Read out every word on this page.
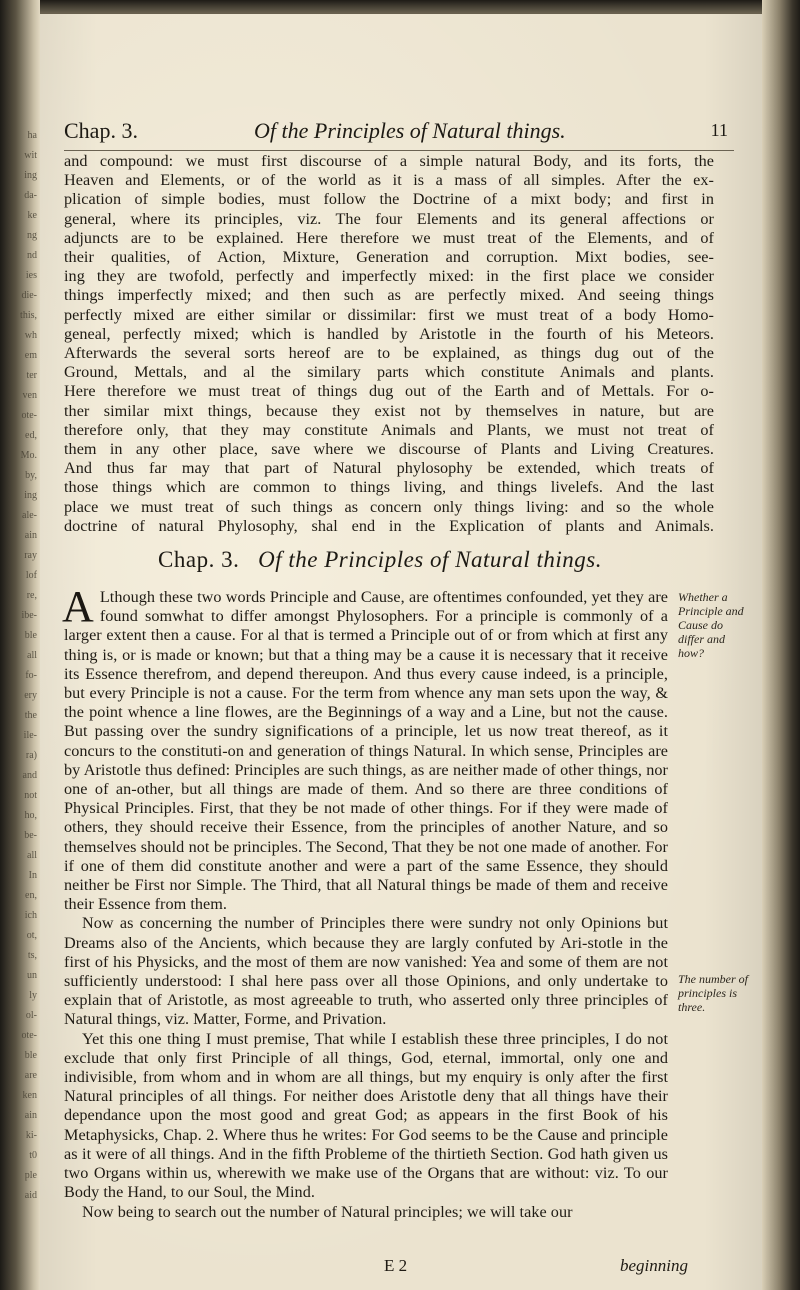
ha
wit
ing
da-
ke
ng
nd
ies
die-
this,
wh
em
ter
ven
ote-
ed,
Mo.
by,
ing
ale-
ain
ray
lof
re,
ibe-
ble
all
fo-
ery
the
ile-
ra)
and
not
ho,
be-
all
In
en,
ich
ot,
ts,
un
ly
ol-
ote-
ble
are
ken
ain
ki-
t0
ple
aid
Chap. 3.	Of the Principles of Natural things.	11

and compound: we must first discourse of a simple natural Body, and its forts, the

Heaven and Elements, or of the world as it is a mass of all simples. After the ex-

plication of simple bodies, must follow the Doctrine of a mixt body; and first in

general, where its principles, viz. The four Elements and its general affections or

adjuncts are to be explained. Here therefore we must treat of the Elements, and of

their qualities, of Action, Mixture, Generation and corruption. Mixt bodies, see-

ing they are twofold, perfectly and imperfectly mixed: in the first place we consider

things imperfectly mixed; and then such as are perfectly mixed. And seeing things

perfectly mixed are either similar or dissimilar: first we must treat of a body Homo-

geneal, perfectly mixed; which is handled by Aristotle in the fourth of his Meteors.

Afterwards the several sorts hereof are to be explained, as things dug out of the

Ground, Mettals, and al the similary parts which constitute Animals and plants.

Here therefore we must treat of things dug out of the Earth and of Mettals. For o-

ther similar mixt things, because they exist not by themselves in nature, but are

therefore only, that they may constitute Animals and Plants, we must not treat of

them in any other place, save where we discourse of Plants and Living Creatures.

And thus far may that part of Natural phylosophy be extended, which treats of

those things which are common to things living, and things livelefs. And the last

place we must treat of such things as concern only things living: and so the whole

doctrine of natural Phylosophy, shal end in the Explication of plants and Animals.

Chap. 3. Of the Principles of Natural things.

A Lthough these two words Principle and Cause, are oftentimes confounded, yet they are found somwhat to differ amongst Phylosophers. For a principle is commonly of a larger extent then a cause. For al that is termed a Principle out of or from which at first any thing is, or is made or known; but that a thing may be a cause it is necessary that it receive its Essence therefrom, and depend thereupon. And thus every cause indeed, is a principle, but every Principle is not a cause. For the term from whence any man sets upon the way, & the point whence a line flowes, are the Beginnings of a way and a Line, but not the cause. But passing over the sundry significations of a principle, let us now treat thereof, as it concurs to the constituti-on and generation of things Natural. In which sense, Principles are by Aristotle thus defined: Principles are such things, as are neither made of other things, nor one of an-other, but all things are made of them. And so there are three conditions of Physical Principles. First, that they be not made of other things. For if they were made of others, they should receive their Essence, from the principles of another Nature, and so themselves should not be principles. The Second, That they be not one made of another. For if one of them did constitute another and were a part of the same Essence, they should neither be First nor Simple. The Third, that all Natural things be made of them and receive their Essence from them.

Now as concerning the number of Principles there were sundry not only Opinions but Dreams also of the Ancients, which because they are largly confuted by Ari-stotle in the first of his Physicks, and the most of them are now vanished: Yea and some of them are not sufficiently understood: I shal here pass over all those Opinions, and only undertake to explain that of Aristotle, as most agreeable to truth, who asserted only three principles of Natural things, viz. Matter, Forme, and Privation.

Yet this one thing I must premise, That while I establish these three principles, I do not exclude that only first Principle of all things, God, eternal, immortal, only one and indivisible, from whom and in whom are all things, but my enquiry is only after the first Natural principles of all things. For neither does Aristotle deny that all things have their dependance upon the most good and great God; as appears in the first Book of his Metaphysicks, Chap. 2. Where thus he writes: For God seems to be the Cause and principle as it were of all things. And in the fifth Probleme of the thirtieth Section. God hath given us two Organs within us, wherewith we make use of the Organs that are without: viz. To our Body the Hand, to our Soul, the Mind.

Now being to search out the number of Natural principles; we will take our

Whether a Principle and Cause do differ and how?
The number of principles is three.
E 2	beginning
